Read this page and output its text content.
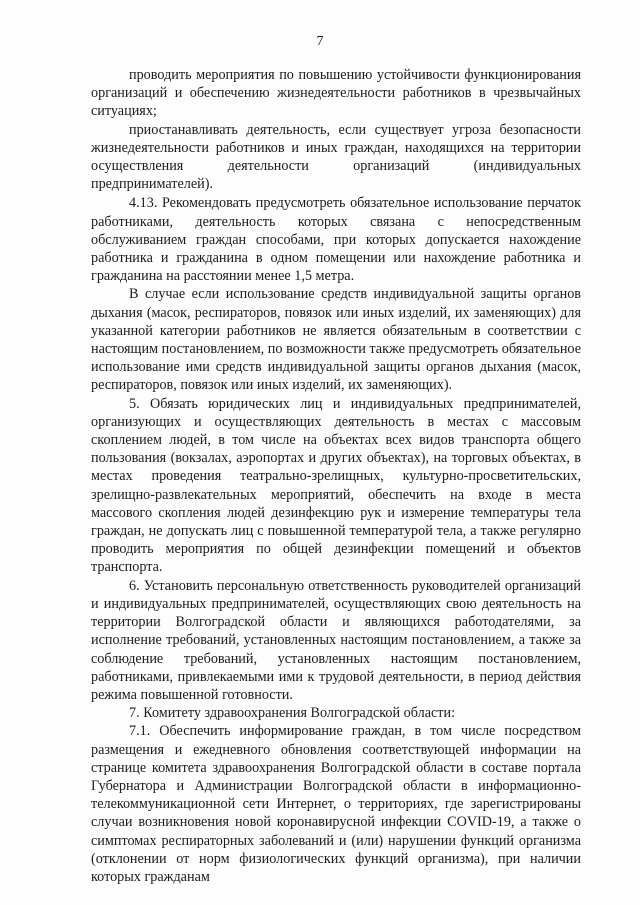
7

проводить мероприятия по повышению устойчивости функционирования организаций и обеспечению жизнедеятельности работников в чрезвычайных ситуациях;

приостанавливать деятельность, если существует угроза безопасности жизнедеятельности работников и иных граждан, находящихся на территории осуществления деятельности организаций (индивидуальных предпринимателей).

4.13. Рекомендовать предусмотреть обязательное использование перчаток работниками, деятельность которых связана с непосредственным обслуживанием граждан способами, при которых допускается нахождение работника и гражданина в одном помещении или нахождение работника и гражданина на расстоянии менее 1,5 метра.

В случае если использование средств индивидуальной защиты органов дыхания (масок, респираторов, повязок или иных изделий, их заменяющих) для указанной категории работников не является обязательным в соответствии с настоящим постановлением, по возможности также предусмотреть обязательное использование ими средств индивидуальной защиты органов дыхания (масок, респираторов, повязок или иных изделий, их заменяющих).

5. Обязать юридических лиц и индивидуальных предпринимателей, организующих и осуществляющих деятельность в местах с массовым скоплением людей, в том числе на объектах всех видов транспорта общего пользования (вокзалах, аэропортах и других объектах), на торговых объектах, в местах проведения театрально-зрелищных, культурно-просветительских, зрелищно-развлекательных мероприятий, обеспечить на входе в места массового скопления людей дезинфекцию рук и измерение температуры тела граждан, не допускать лиц с повышенной температурой тела, а также регулярно проводить мероприятия по общей дезинфекции помещений и объектов транспорта.

6. Установить персональную ответственность руководителей организаций и индивидуальных предпринимателей, осуществляющих свою деятельность на территории Волгоградской области и являющихся работодателями, за исполнение требований, установленных настоящим постановлением, а также за соблюдение требований, установленных настоящим постановлением, работниками, привлекаемыми ими к трудовой деятельности, в период действия режима повышенной готовности.

7. Комитету здравоохранения Волгоградской области:

7.1. Обеспечить информирование граждан, в том числе посредством размещения и ежедневного обновления соответствующей информации на странице комитета здравоохранения Волгоградской области в составе портала Губернатора и Администрации Волгоградской области в информационно-телекоммуникационной сети Интернет, о территориях, где зарегистрированы случаи возникновения новой коронавирусной инфекции COVID-19, а также о симптомах респираторных заболеваний и (или) нарушении функций организма (отклонении от норм физиологических функций организма), при наличии которых гражданам
